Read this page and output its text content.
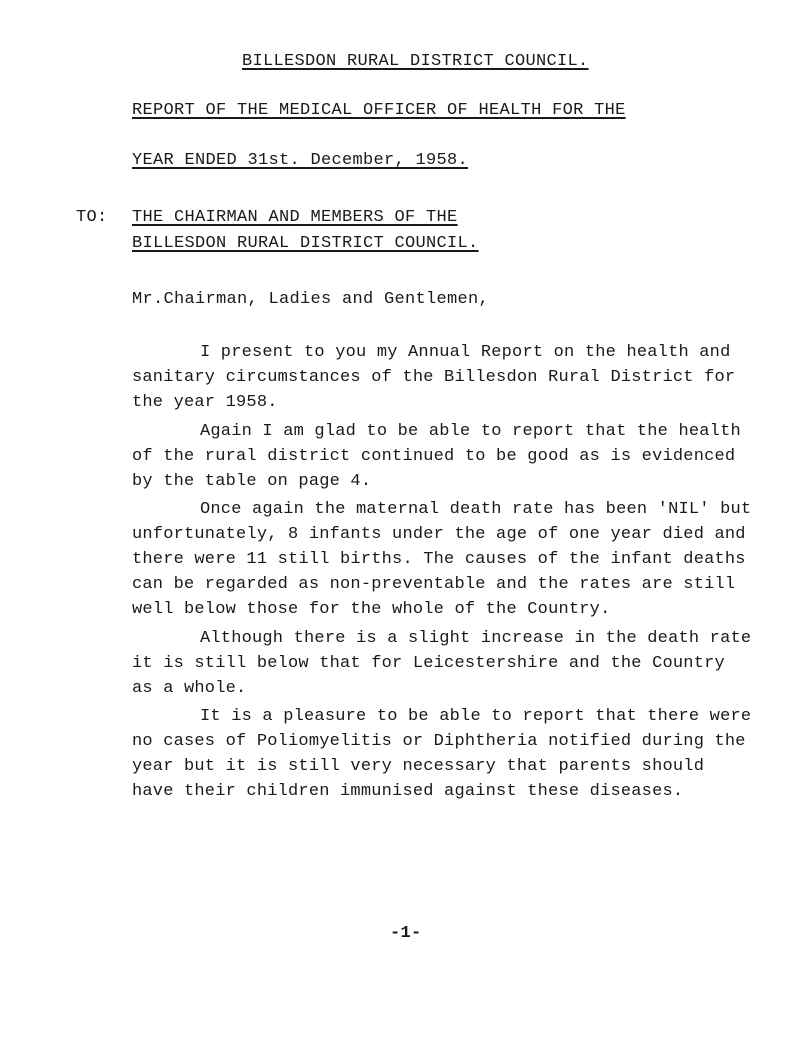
BILLESDON RURAL DISTRICT COUNCIL.
REPORT OF THE MEDICAL OFFICER OF HEALTH FOR THE
YEAR ENDED 31st. December, 1958.
TO: THE CHAIRMAN AND MEMBERS OF THE
BILLESDON RURAL DISTRICT COUNCIL.
Mr.Chairman, Ladies and Gentlemen,
I present to you my Annual Report on the health and sanitary circumstances of the Billesdon Rural District for the year 1958.
Again I am glad to be able to report that the health of the rural district continued to be good as is evidenced by the table on page 4.
Once again the maternal death rate has been 'NIL' but unfortunately, 8 infants under the age of one year died and there were 11 still births. The causes of the infant deaths can be regarded as non-preventable and the rates are still well below those for the whole of the Country.
Although there is a slight increase in the death rate it is still below that for Leicestershire and the Country as a whole.
It is a pleasure to be able to report that there were no cases of Poliomyelitis or Diphtheria notified during the year but it is still very necessary that parents should have their children immunised against these diseases.
-1-
